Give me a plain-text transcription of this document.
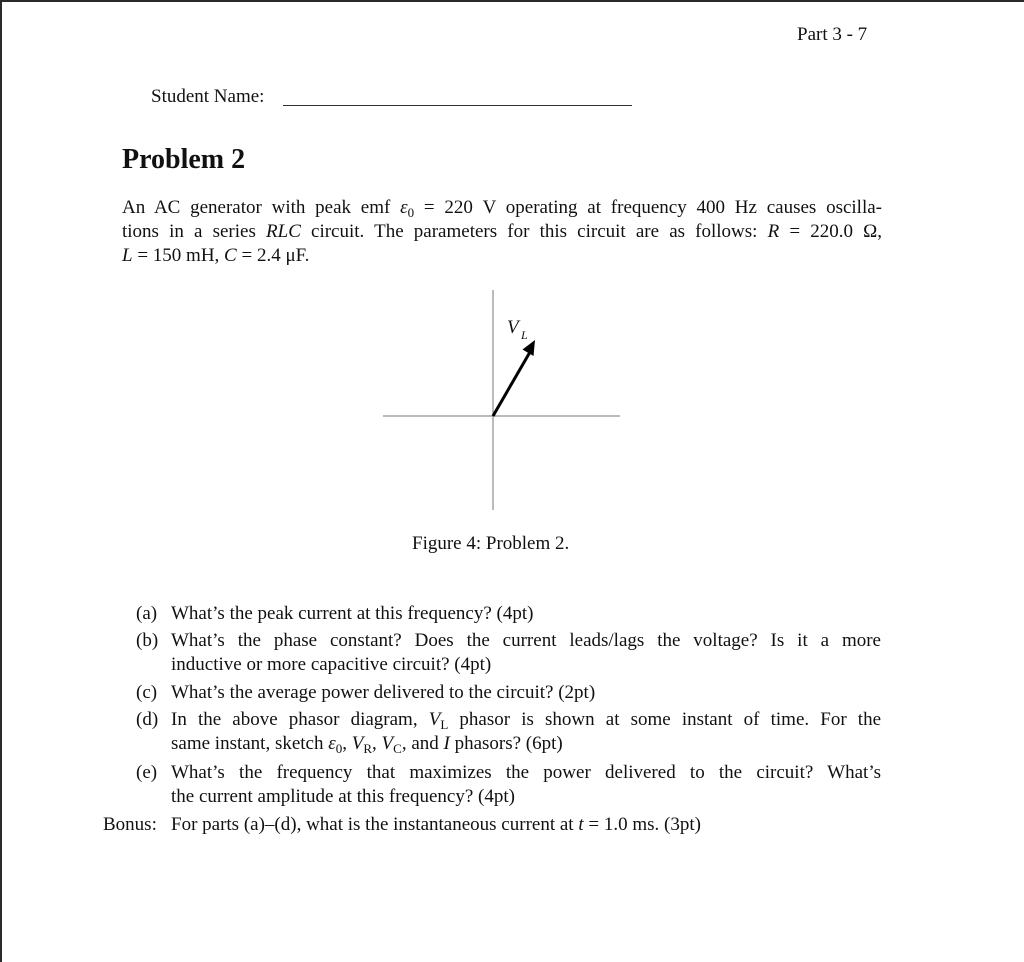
Part 3 - 7
Student Name:
Problem 2
An AC generator with peak emf $\varepsilon_0 = 220$ V operating at frequency 400 Hz causes oscilla-
tions in a series RLC circuit. The parameters for this circuit are as follows: R = 220.0 Ω,
L = 150 mH, C = 2.4 μF.
V L
Figure 4: Problem 2.
(a) What’s the peak current at this frequency? (4pt)
(b) What’s the phase constant? Does the current leads/lags the voltage? Is it a more
inductive or more capacitive circuit? (4pt)
(c) What’s the average power delivered to the circuit? (2pt)
(d) In the above phasor diagram, $V_L$ phasor is shown at some instant of time. For the
same instant, sketch $\varepsilon_0$, $V_R$, $V_C$, and I phasors? (6pt)
(e) What’s the frequency that maximizes the power delivered to the circuit? What’s
the current amplitude at this frequency? (4pt)
Bonus: For parts (a)–(d), what is the instantaneous current at t = 1.0 ms. (3pt)
